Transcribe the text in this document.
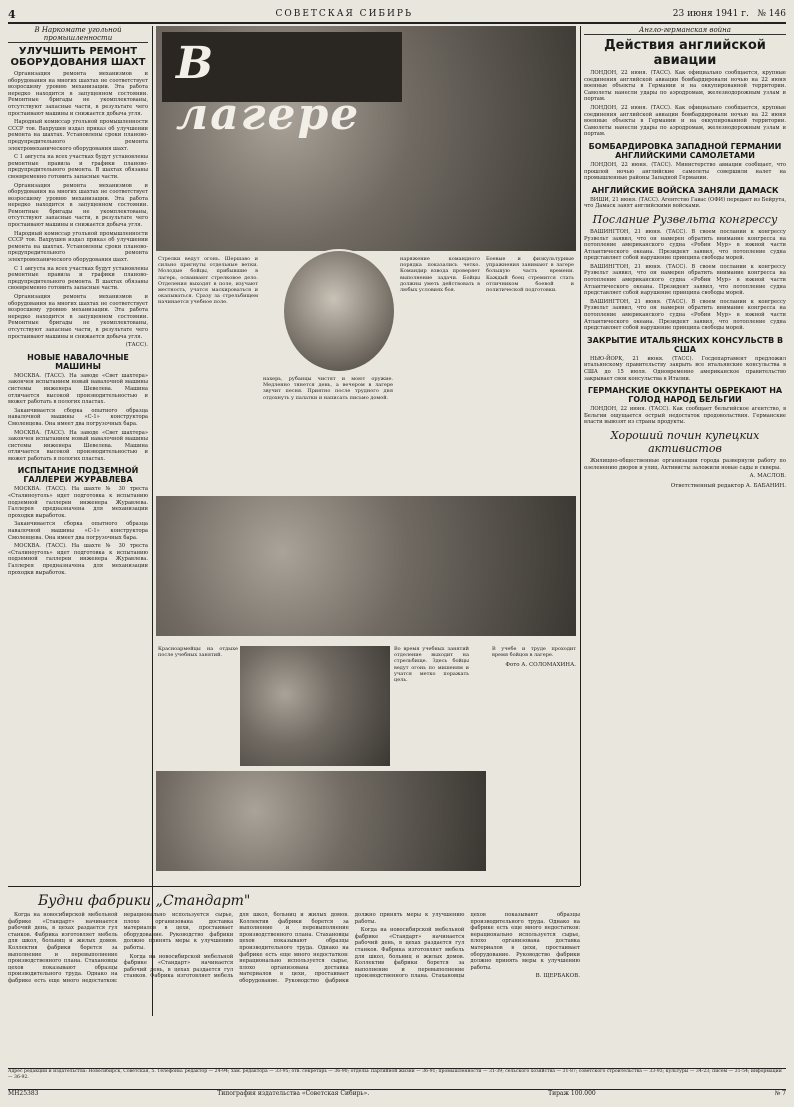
4	СОВЕТСКАЯ СИБИРЬ	23 июня 1941 г. № 146
В Наркомате угольной промышленности
УЛУЧШИТЬ РЕМОНТ ОБОРУДОВАНИЯ ШАХТ

Организация ремонта механизмов и оборудования на многих шахтах не соответствует возросшему уровню механизации. Эта работа нередко находится в запущенном состоянии. Ремонтные бригады не укомплектованы, отсутствуют запасные части, в результате чего простаивают машины и снижается добыча угля.

Народный комиссар угольной промышленности СССР тов. Вахрушев издал приказ об улучшении ремонта на шахтах. Установлены сроки планово-предупредительного ремонта электромеханического оборудования шахт.

С 1 августа на всех участках будут установлены ремонтные правила и графики планово-предупредительного ремонта. В шахтах обязаны своевременно готовить запасные части.

Организация ремонта механизмов и оборудования на многих шахтах не соответствует возросшему уровню механизации. Эта работа нередко находится в запущенном состоянии. Ремонтные бригады не укомплектованы, отсутствуют запасные части, в результате чего простаивают машины и снижается добыча угля.

Народный комиссар угольной промышленности СССР тов. Вахрушев издал приказ об улучшении ремонта на шахтах. Установлены сроки планово-предупредительного ремонта электромеханического оборудования шахт.

С 1 августа на всех участках будут установлены ремонтные правила и графики планово-предупредительного ремонта. В шахтах обязаны своевременно готовить запасные части.

Организация ремонта механизмов и оборудования на многих шахтах не соответствует возросшему уровню механизации. Эта работа нередко находится в запущенном состоянии. Ремонтные бригады не укомплектованы, отсутствуют запасные части, в результате чего простаивают машины и снижается добыча угля.

(ТАСС).
НОВЫЕ НАВАЛОЧНЫЕ МАШИНЫ

МОСКВА. (ТАСС). На заводе «Свет шахтера» закончен испытанием новый навалочной машины системы инженера Шевелева. Машина отличается высокой производительностью и может работать в пологих пластах.

Заканчивается сборка опытного образца навалочной машины «С-1» конструктора Смоленцева. Она имеет два погрузочных бара.

МОСКВА. (ТАСС). На заводе «Свет шахтера» закончен испытанием новый навалочной машины системы инженера Шевелева. Машина отличается высокой производительностью и может работать в пологих пластах.

ИСПЫТАНИЕ ПОДЗЕМНОЙ ГАЛЛЕРЕИ ЖУРАВЛЕВА

МОСКВА. (ТАСС). На шахте № 30 треста «Сталиноуголь» идет подготовка к испытанию подземной галлереи инженера Журавлева. Галлерея предназначена для механизации проходки выработок.

Заканчивается сборка опытного образца навалочной машины «С-1» конструктора Смоленцева. Она имеет два погрузочных бара.

МОСКВА. (ТАСС). На шахте № 30 треста «Сталиноуголь» идет подготовка к испытанию подземной галлереи инженера Журавлева. Галлерея предназначена для механизации проходки выработок.

В лагере
Стрелки ведут огонь. Шершаво и сильно пригнуты отдельные ветки. Молодые бойцы, прибывшие в лагерь, осваивают стрелковое дело. Отделения выходят в поле, изучают местность, учатся маскироваться и окапываться. Сразу за стрельбищем начинается учебное поле.
нахерь, рубанцы чистят и моют оружие. Медленно тянется день, а вечером в лагере звучит песня. Приятно после трудного дня отдохнуть у палатки и написать письмо домой.
наряжение командного порядка показались четко. Командир взвода проверяет выполнение задачи. Бойцы должны уметь действовать в любых условиях боя.
Боевые и физкультурные упражнения занимают в лагере большую часть времени. Каждый боец стремится стать отличником боевой и политической подготовки.
Красноармейцы на отдыхе после учебных занятий.
Во время учебных занятий отделение выходит на стрельбище. Здесь бойцы ведут огонь по мишеням и учатся метко поражать цель.
В учебе и труде проходит время бойцов в лагере.
Фото А. СОЛОМАХИНА.
Англо-германская война
Действия английской авиации

ЛОНДОН, 22 июня. (ТАСС). Как официально сообщается, крупные соединения английской авиации бомбардировали ночью на 22 июня военные объекты в Германии и на оккупированной территории. Самолеты нанесли удары по аэродромам, железнодорожным узлам и портам.

ЛОНДОН, 22 июня. (ТАСС). Как официально сообщается, крупные соединения английской авиации бомбардировали ночью на 22 июня военные объекты в Германии и на оккупированной территории. Самолеты нанесли удары по аэродромам, железнодорожным узлам и портам.

БОМБАРДИРОВКА ЗАПАДНОЙ ГЕРМАНИИ АНГЛИЙСКИМИ САМОЛЕТАМИ

ЛОНДОН, 22 июня. (ТАСС). Министерство авиации сообщает, что прошлой ночью английские самолеты совершили налет на промышленные районы Западной Германии.

АНГЛИЙСКИЕ ВОЙСКА ЗАНЯЛИ ДАМАСК

ВИШИ, 21 июня. (ТАСС). Агентство Гавас (ОФИ) передает из Бейрута, что Дамаск занят английскими войсками.

Послание Рузвельта конгрессу

ВАШИНГТОН, 21 июня. (ТАСС). В своем послании к конгрессу Рузвельт заявил, что он намерен обратить внимание конгресса на потопление американского судна «Робин Мур» в южной части Атлантического океана. Президент заявил, что потопление судна представляет собой нарушение принципа свободы морей.

ВАШИНГТОН, 21 июня. (ТАСС). В своем послании к конгрессу Рузвельт заявил, что он намерен обратить внимание конгресса на потопление американского судна «Робин Мур» в южной части Атлантического океана. Президент заявил, что потопление судна представляет собой нарушение принципа свободы морей.

ВАШИНГТОН, 21 июня. (ТАСС). В своем послании к конгрессу Рузвельт заявил, что он намерен обратить внимание конгресса на потопление американского судна «Робин Мур» в южной части Атлантического океана. Президент заявил, что потопление судна представляет собой нарушение принципа свободы морей.

ЗАКРЫТИЕ ИТАЛЬЯНСКИХ КОНСУЛЬСТВ В США

НЬЮ-ЙОРК, 21 июня. (ТАСС). Госдепартамент предложил итальянскому правительству закрыть все итальянские консульства в США до 15 июля. Одновременно американское правительство закрывает свои консульства в Италии.

ГЕРМАНСКИЕ ОККУПАНТЫ ОБРЕКАЮТ НА ГОЛОД НАРОД БЕЛЬГИИ

ЛОНДОН, 22 июня. (ТАСС). Как сообщает бельгийское агентство, в Бельгии ощущается острый недостаток продовольствия. Германские власти вывозят из страны продукты.

Хороший почин купецких активистов

Жилищно-общественные организации города развернули работу по озеленению дворов и улиц. Активисты заложили новые сады и скверы.

А. МАСЛОВ.
Ответственный редактор А. БАБАНИН.
Будни фабрики „Стандарт"

Когда на новосибирской мебельной фабрике «Стандарт» начинается рабочий день, в цехах раздается гул станков. Фабрика изготовляет мебель для школ, больниц и жилых домов. Коллектив фабрики борется за выполнение и перевыполнение производственного плана. Стахановцы цехов показывают образцы производительного труда. Однако на фабрике есть еще много недостатков: нерационально используется сырье, плохо организована доставка материалов в цехи, простаивает оборудование. Руководство фабрики должно принять меры к улучшению работы.

Когда на новосибирской мебельной фабрике «Стандарт» начинается рабочий день, в цехах раздается гул станков. Фабрика изготовляет мебель для школ, больниц и жилых домов. Коллектив фабрики борется за выполнение и перевыполнение производственного плана. Стахановцы цехов показывают образцы производительного труда. Однако на фабрике есть еще много недостатков: нерационально используется сырье, плохо организована доставка материалов в цехи, простаивает оборудование. Руководство фабрики должно принять меры к улучшению работы.

Когда на новосибирской мебельной фабрике «Стандарт» начинается рабочий день, в цехах раздается гул станков. Фабрика изготовляет мебель для школ, больниц и жилых домов. Коллектив фабрики борется за выполнение и перевыполнение производственного плана. Стахановцы цехов показывают образцы производительного труда. Однако на фабрике есть еще много недостатков: нерационально используется сырье, плохо организована доставка материалов в цехи, простаивает оборудование. Руководство фабрики должно принять меры к улучшению работы.

В. ЩЕРБАКОВ.
Адрес редакции и издательства: Новосибирск, Советская, 5. Телефоны: редактор — 24-94; зам. редактора — 33-95; отв. секретарь — 36-90; отделы: партийной жизни — 36-91; промышленности — 31-39; сельского хозяйства — 31-87; советского строительства — 33-93; культуры — 34-23; писем — 31-54; информации — 36-92.
МН25383	Типография издательства «Советская Сибирь».	Тираж 100.000	№ 7
